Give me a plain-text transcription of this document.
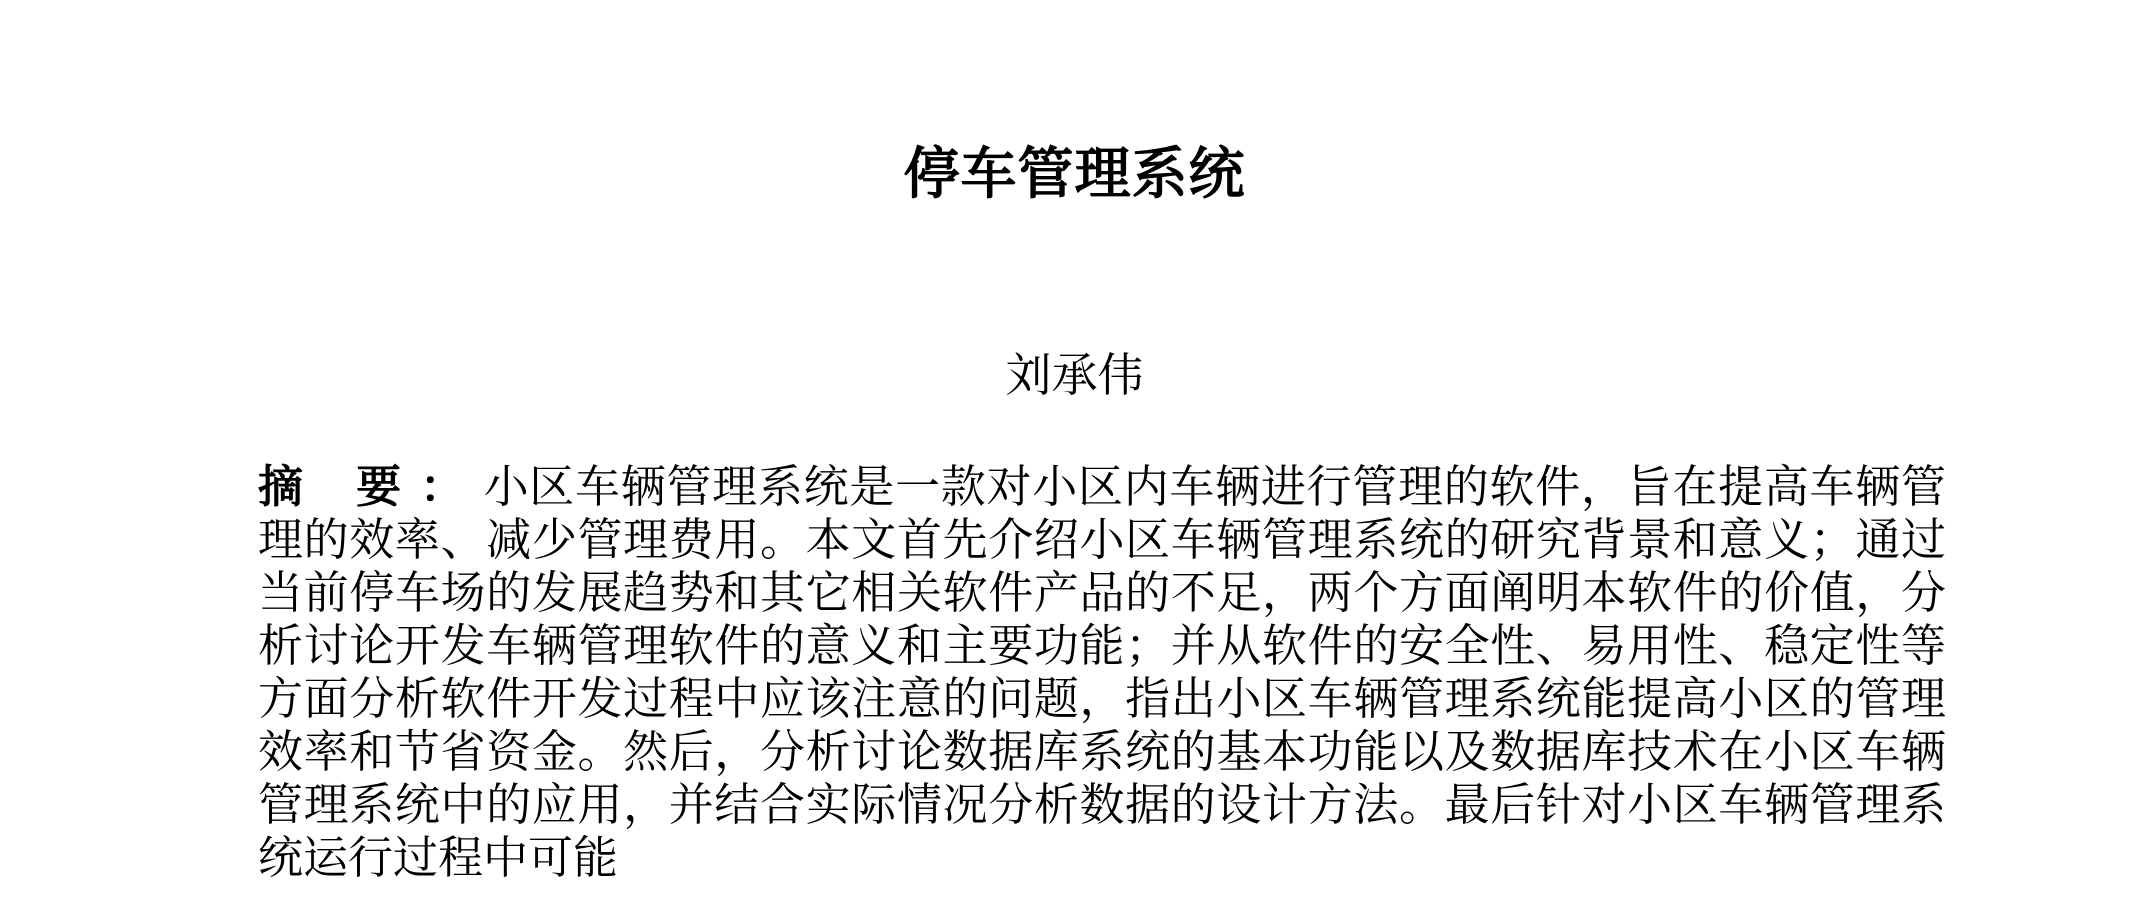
停车管理系统
刘承伟
摘 要：小区车辆管理系统是一款对小区内车辆进行管理的软件，旨在提高车辆管理的效率、减少管理费用。本文首先介绍小区车辆管理系统的研究背景和意义；通过当前停车场的发展趋势和其它相关软件产品的不足，两个方面阐明本软件的价值，分析讨论开发车辆管理软件的意义和主要功能；并从软件的安全性、易用性、稳定性等方面分析软件开发过程中应该注意的问题，指出小区车辆管理系统能提高小区的管理效率和节省资金。然后，分析讨论数据库系统的基本功能以及数据库技术在小区车辆管理系统中的应用，并结合实际情况分析数据的设计方法。最后针对小区车辆管理系统运行过程中可能
